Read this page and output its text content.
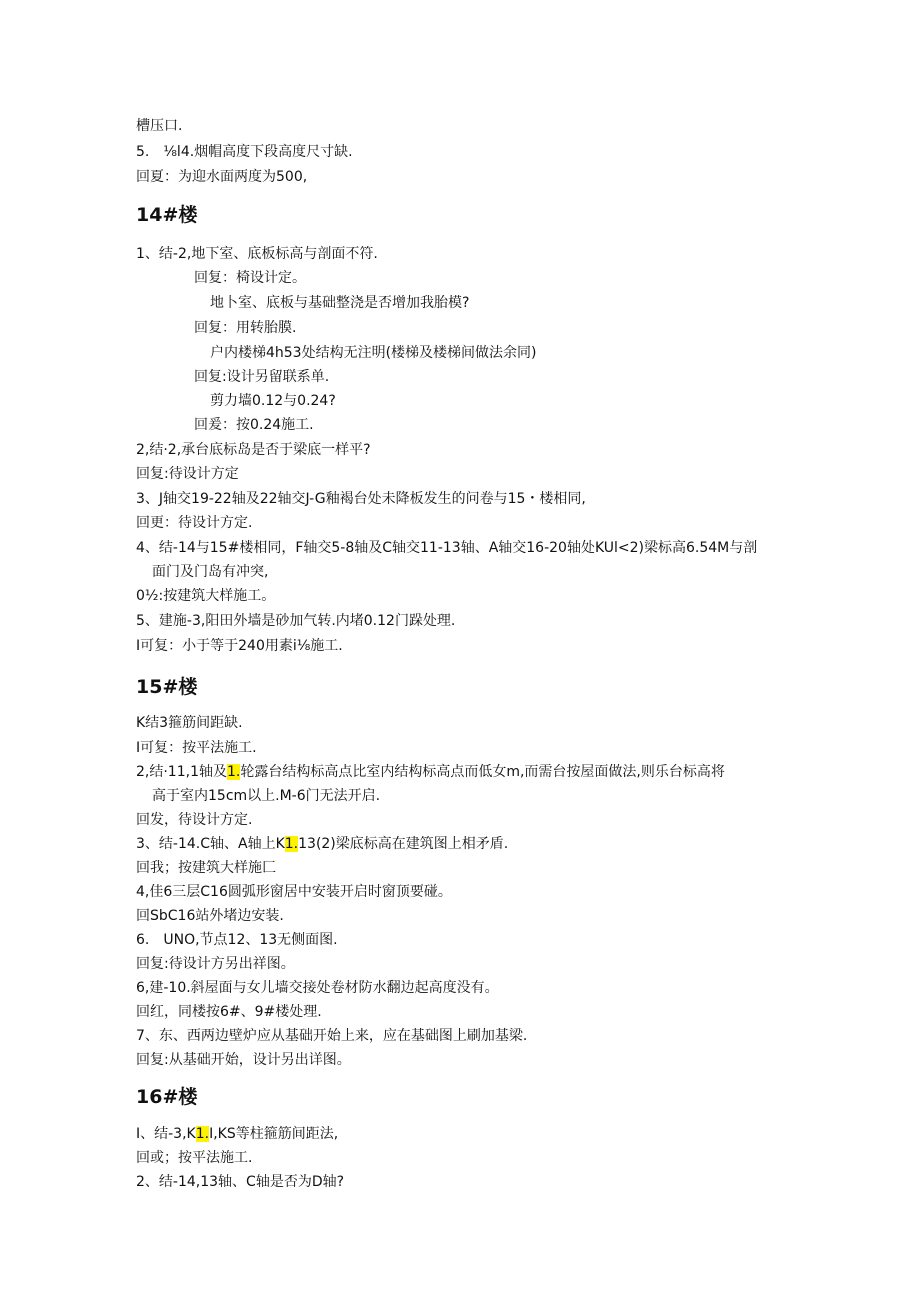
槽压口.
5.　⅛l4.烟帽高度下段高度尺寸缺.
回夏：为迎水面两度为500,
14#楼
1、结-2,地下室、底板标高与剖面不符.
回复：椅设计定。
地卜室、底板与基础整浇是否增加我胎模?
回复：用转胎膜.
户内楼梯4h53处结构无注明(楼梯及楼梯间做法余同)
回复:设计另留联系单.
剪力墙0.12与0.24?
回爰：按0.24施工.
2,结·2,承台底标岛是否于梁底一样平?
回复:待设计方定
3、J轴交19-22轴及22轴交J-G釉褐台处未降板发生的问卷与15・楼相同,
回更：待设计方定.
4、结-14与15#楼相同，F轴交5-8轴及C轴交11-13轴、A轴交16-20轴处KUl<2)梁标高6.54M与剖
面门及门岛有冲突,
0½:按建筑大样施工。
5、建施-3,阳田外墙是砂加气转.内堵0.12门跺处理.
I可复：小于等于240用素i⅛施工.
15#楼
K结3箍筋间距缺.
I可复：按平法施工.
2,结·11,1轴及1.轮露台结构标高点比室内结构标高点而低女m,而需台按屋面做法,则乐台标高将
高于室内15cm以上.M-6门无法开启.
回发，待设计方定.
3、结-14.C轴、A轴上K1.13(2)梁底标高在建筑图上相矛盾.
回我；按建筑大样施匚
4,佳6三层C16圆弧形窗居中安装开启时窗顶要碰。
回SbC16站外堵边安装.
6.　UNO,节点12、13无侧面图.
回复:待设计方另出祥图。
6,建-10.斜屋面与女儿墙交接处卷材防水翻边起高度没有。
回红，同楼按6#、9#楼处理.
7、东、西两边壁炉应从基础开始上来，应在基础图上刷加基梁.
回复:从基础开始，设计另出详图。
16#楼
I、结-3,K1.I,KS等柱箍筋间距法,
回或；按平法施工.
2、结-14,13轴、C轴是否为D轴?
